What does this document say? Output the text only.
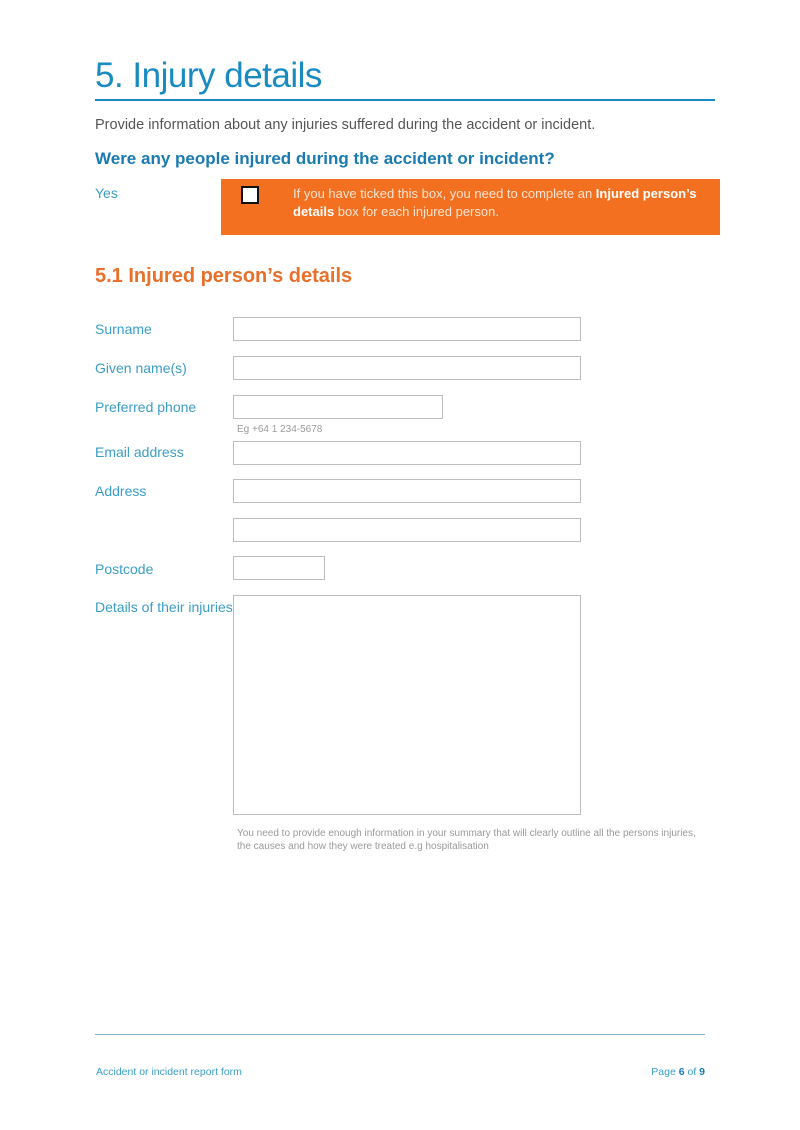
5. Injury details
Provide information about any injuries suffered during the accident or incident.
Were any people injured during the accident or incident?
Yes	If you have ticked this box, you need to complete an Injured person’s details box for each injured person.
5.1 Injured person’s details
Surname
Given name(s)
Preferred phone
Eg +64 1 234-5678
Email address
Address
Postcode
Details of their injuries
You need to provide enough information in your summary that will clearly outline all the persons injuries, the causes and how they were treated e.g hospitalisation
Accident or incident report form	Page 6 of 9
